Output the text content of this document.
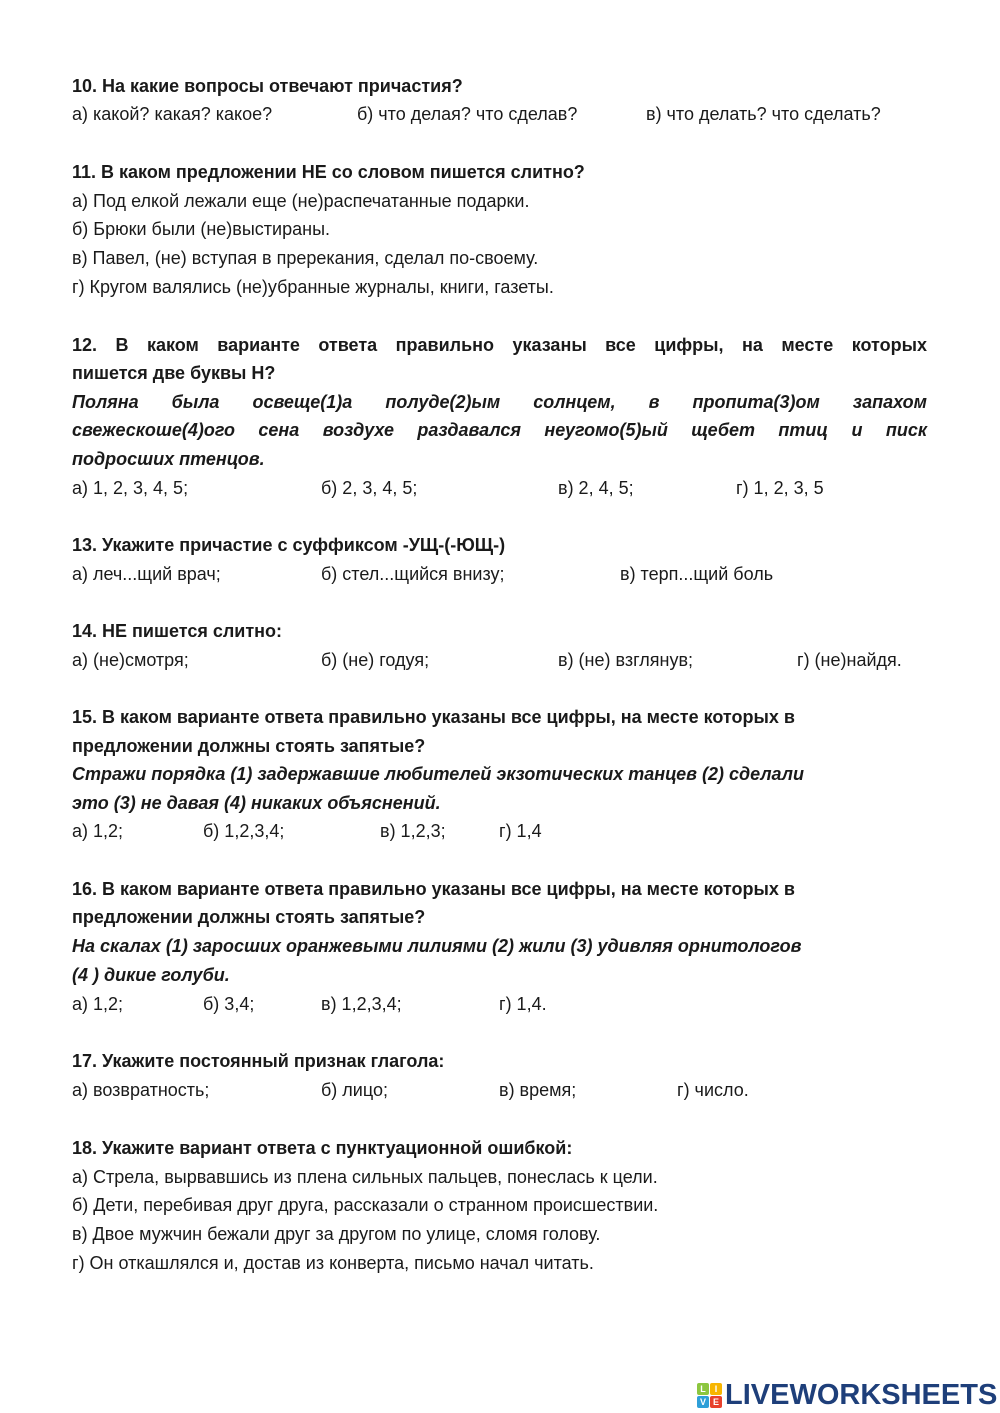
10. На какие вопросы отвечают причастия?
а) какой? какая? какое?	б) что делая? что сделав?	в) что делать? что сделать?
11. В каком предложении НЕ со словом пишется слитно?
а) Под елкой лежали еще (не)распечатанные подарки.
б) Брюки были (не)выстираны.
в) Павел, (не) вступая в пререкания, сделал по-своему.
г) Кругом валялись (не)убранные журналы, книги, газеты.
12. В каком варианте ответа правильно указаны все цифры, на месте которых
пишется две буквы Н?
Поляна была освеще(1)а полуде(2)ым солнцем, в пропита(3)ом запахом
свежескоше(4)ого сена воздухе раздавался неугомо(5)ый щебет птиц и писк
подросших птенцов.
а) 1, 2, 3, 4, 5;	б) 2, 3, 4, 5;	в) 2, 4, 5;	г) 1, 2, 3, 5
13. Укажите причастие с суффиксом -УЩ-(-ЮЩ-)
а) леч...щий врач;	б) стел...щийся внизу;	в) терп...щий боль
14. НЕ пишется слитно:
а) (не)смотря;	б) (не) годуя;	в) (не) взглянув;	г) (не)найдя.
15. В каком варианте ответа правильно указаны все цифры, на месте которых в
предложении должны стоять запятые?
Стражи порядка (1) задержавшие любителей экзотических танцев (2) сделали
это (3) не давая (4) никаких объяснений.
а) 1,2;	б) 1,2,3,4;	в) 1,2,3;	г) 1,4
16. В каком варианте ответа правильно указаны все цифры, на месте которых в
предложении должны стоять запятые?
На скалах (1) заросших оранжевыми лилиями (2) жили (3) удивляя орнитологов
(4 ) дикие голуби.
а) 1,2;	б) 3,4;	в) 1,2,3,4;	г) 1,4.
17. Укажите постоянный признак глагола:
а) возвратность;	б) лицо;	в) время;	г) число.
18. Укажите вариант ответа с пунктуационной ошибкой:
а) Стрела, вырвавшись из плена сильных пальцев, понеслась к цели.
б) Дети, перебивая друг друга, рассказали о странном происшествии.
в) Двое мужчин бежали друг за другом по улице, сломя голову.
г) Он откашлялся и, достав из конверта, письмо начал читать.
L I
V E LIVEWORKSHEETS
